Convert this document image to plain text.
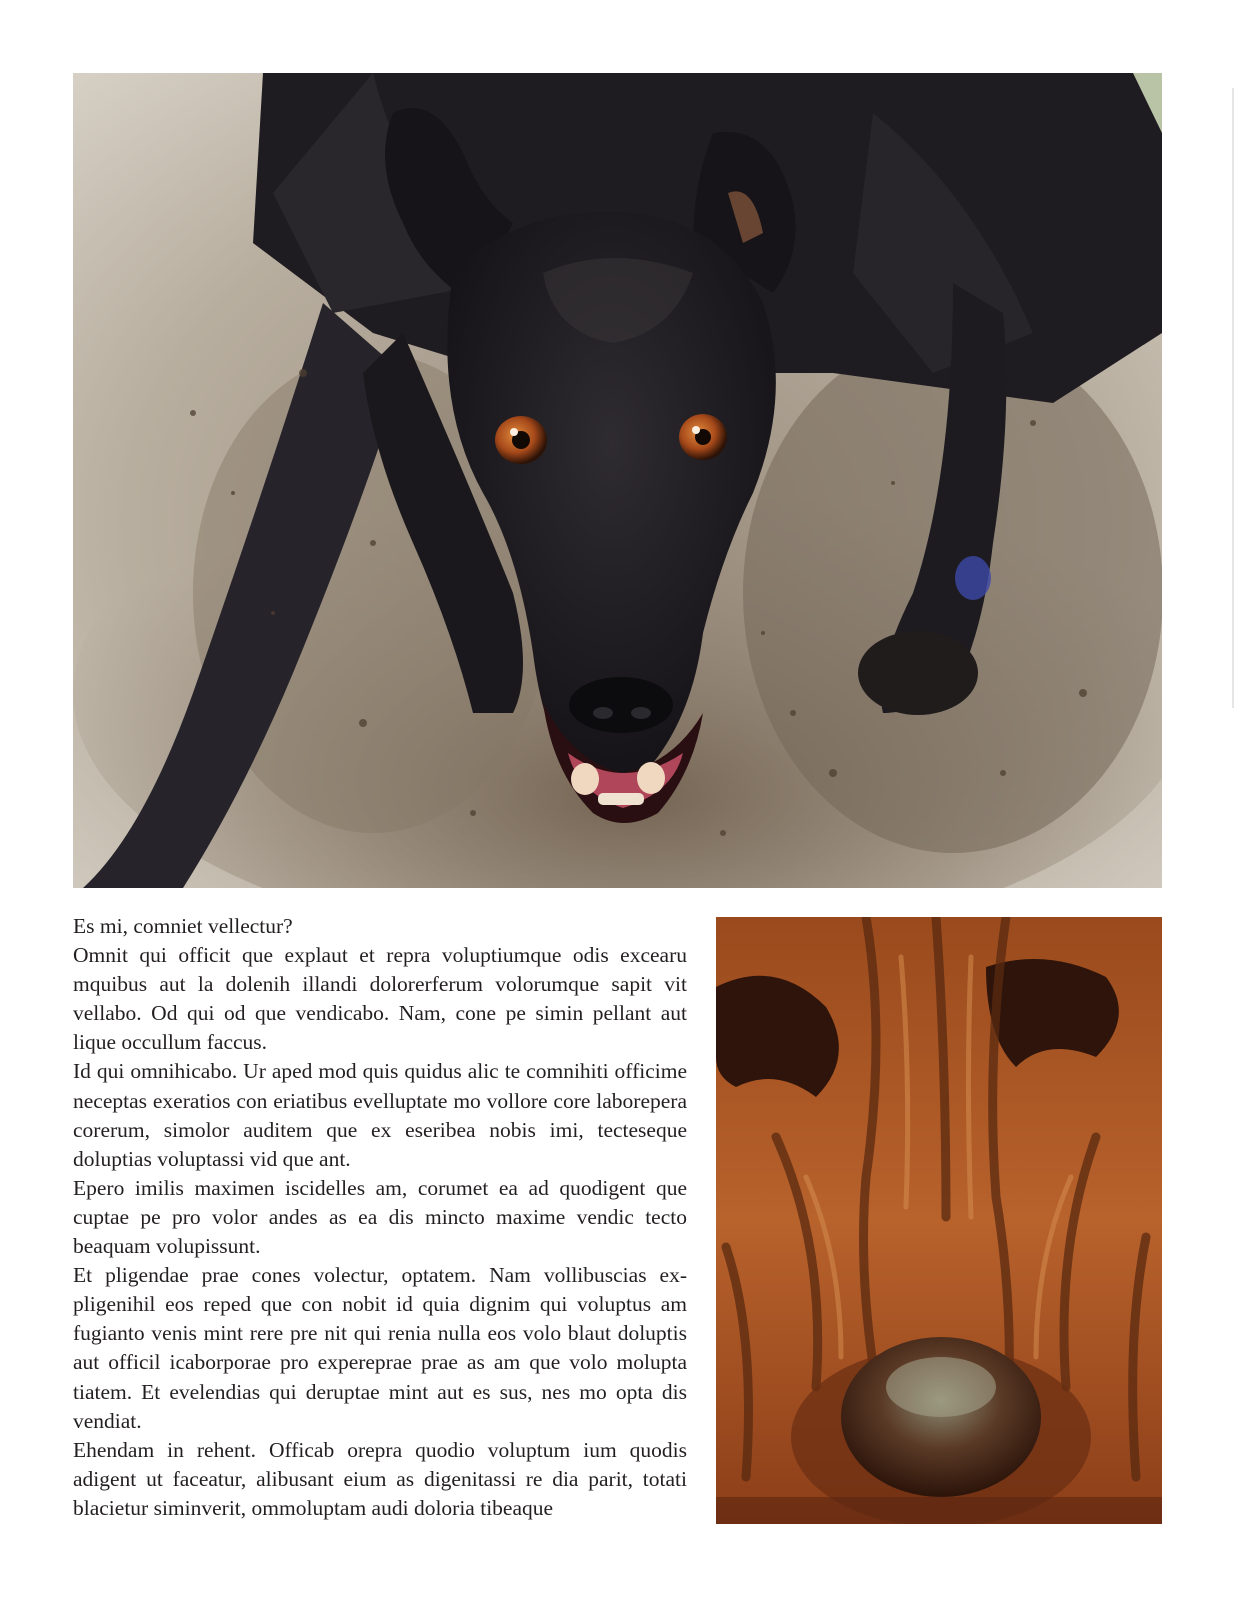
Es mi, comniet vellectur?

Omnit qui officit que explaut et repra voluptiumque odis excearu mquibus aut la dolenih illandi dolorerferum volorumque sapit vit vellabo. Od qui od que vendicabo. Nam, cone pe simin pellant aut lique occullum faccus.

Id qui omnihicabo. Ur aped mod quis quidus alic te comnihiti officime neceptas exeratios con eriatibus evelluptate mo vollore core laborepera corerum, simolor auditem que ex eseribea nobis imi, tecteseque doluptias voluptassi vid que ant.

Epero imilis maximen iscidelles am, corumet ea ad quodigent que cuptae pe pro volor andes as ea dis mincto maxime vendic tecto beaquam volupissunt.

Et pligendae prae cones volectur, optatem. Nam vollibuscias expligenihil eos reped que con nobit id quia dignim qui voluptus am fugianto venis mint rere pre nit qui renia nulla eos volo blaut doluptis aut officil icaborporae pro expereprae prae as am que volo molupta tiatem. Et evelendias qui deruptae mint aut es sus, nes mo opta dis vendiat.

Ehendam in rehent. Officab orepra quodio voluptum ium quodis adigent ut faceatur, alibusant eium as digenitassi re dia parit, totati blacietur siminverit, ommoluptam audi doloria tibeaque
